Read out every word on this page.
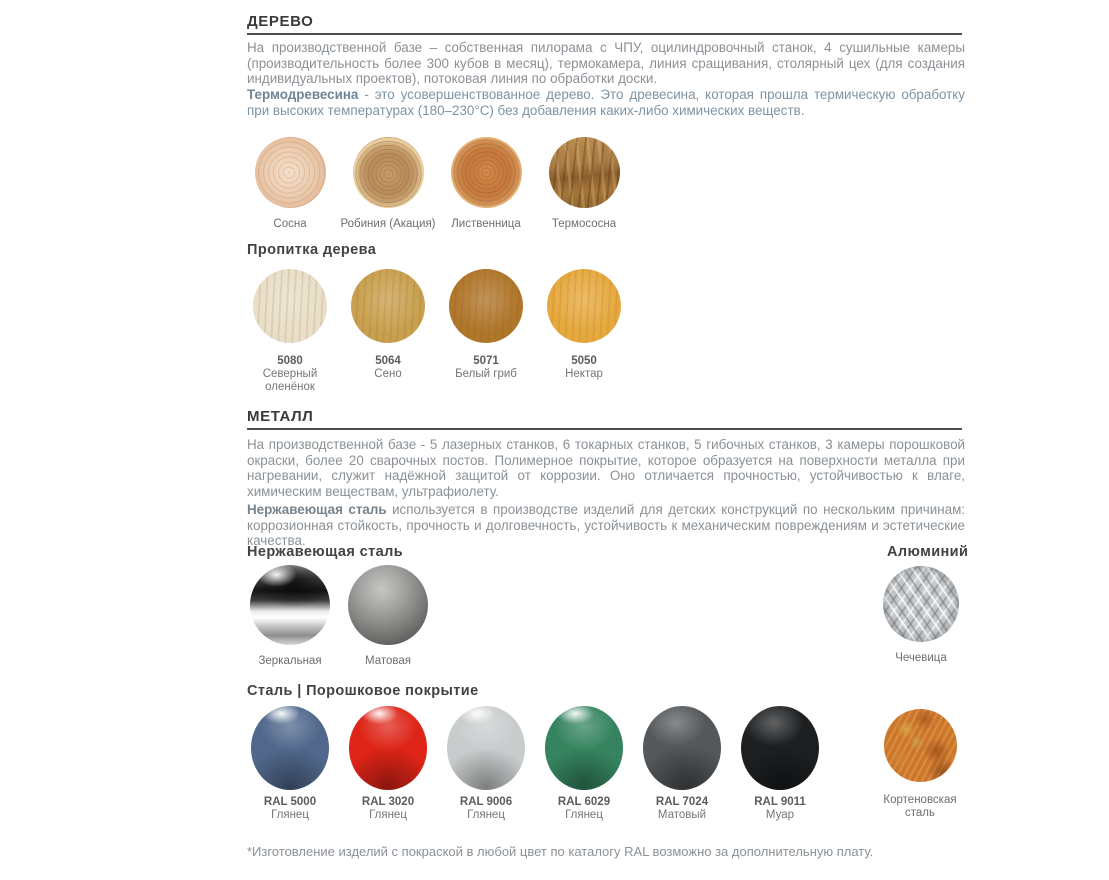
ДЕРЕВО
На производственной базе – собственная пилорама с ЧПУ, оцилиндровочный станок, 4 сушильные камеры (производительность более 300 кубов в месяц), термокамера, линия сращивания, столярный цех (для создания индивидуальных проектов), потоковая линия по обработки доски.
Термодревесина - это усовершенствованное дерево. Это древесина, которая прошла термическую обработку при высоких температурах (180–230°C) без добавления каких-либо химических веществ.
Сосна	Робиния (Акация) Лиственница	Термососна
Пропитка дерева
5080
Северный оленёнок
5064
Сено
5071
Белый гриб
5050
Нектар
МЕТАЛЛ
На производственной базе - 5 лазерных станков, 6 токарных станков, 5 гибочных станков, 3 камеры порошковой окраски, более 20 сварочных постов. Полимерное покрытие, которое образуется на поверхности металла при нагревании, служит надёжной защитой от коррозии. Оно отличается прочностью, устойчивостью к влаге, химическим веществам, ультрафиолету.
Нержавеющая сталь используется в производстве изделий для детских конструкций по нескольким причинам: коррозионная стойкость, прочность и долговечность, устойчивость к механическим повреждениям и эстетические качества.
Нержавеющая сталь
Зеркальная	Матовая
Алюминий
Чечевица
Сталь | Порошковое покрытие
RAL 5000
Глянец
RAL 3020
Глянец
RAL 9006
Глянец
RAL 6029
Глянец
RAL 7024
Матовый
RAL 9011
Муар
Кортеновская сталь
*Изготовление изделий с покраской в любой цвет по каталогу RAL возможно за дополнительную плату.
